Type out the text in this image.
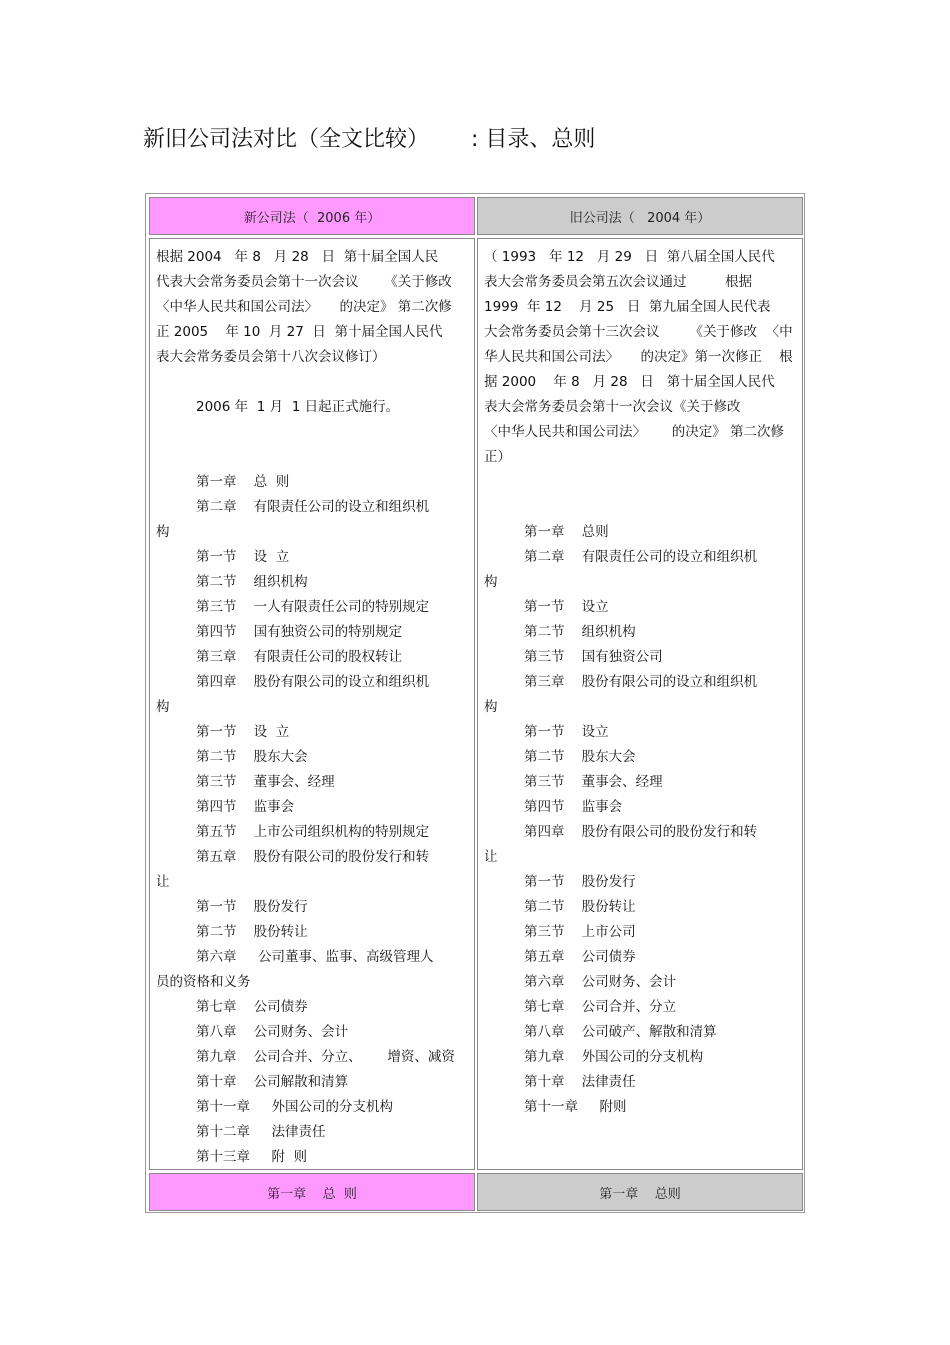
新旧公司法对比（全文比较）      : 目录、总则
新公司法（  2006 年）	旧公司法（   2004 年）
根据 2004   年 8   月 28   日  第十届全国人民
代表大会常务委员会第十一次会议      《关于修改
〈中华人民共和国公司法〉     的决定》 第二次修
正 2005    年 10  月 27  日  第十届全国人民代
表大会常务委员会第十八次会议修订）
2006 年  1 月  1 日起正式施行。
第一章    总  则
第二章    有限责任公司的设立和组织机
构
第一节    设  立
第二节    组织机构
第三节    一人有限责任公司的特别规定
第四节    国有独资公司的特别规定
第三章    有限责任公司的股权转让
第四章    股份有限公司的设立和组织机
构
第一节    设  立
第二节    股东大会
第三节    董事会、经理
第四节    监事会
第五节    上市公司组织机构的特别规定
第五章    股份有限公司的股份发行和转
让
第一节    股份发行
第二节    股份转让
第六章     公司董事、监事、高级管理人
员的资格和义务
第七章    公司债券
第八章    公司财务、会计
第九章    公司合并、分立、      增资、减资
第十章    公司解散和清算
第十一章     外国公司的分支机构
第十二章     法律责任
第十三章     附  则
（ 1993   年 12   月 29   日  第八届全国人民代
表大会常务委员会第五次会议通过         根据
1999  年 12    月 25   日  第九届全国人民代表
大会常务委员会第十三次会议       《关于修改  〈中
华人民共和国公司法〉     的决定》第一次修正    根
据 2000    年 8   月 28   日   第十届全国人民代
表大会常务委员会第十一次会议《关于修改
〈中华人民共和国公司法〉      的决定》 第二次修
正）
第一章    总则
第二章    有限责任公司的设立和组织机
构
第一节    设立
第二节    组织机构
第三节    国有独资公司
第三章    股份有限公司的设立和组织机
构
第一节    设立
第二节    股东大会
第三节    董事会、经理
第四节    监事会
第四章    股份有限公司的股份发行和转
让
第一节    股份发行
第二节    股份转让
第三节    上市公司
第五章    公司债券
第六章    公司财务、会计
第七章    公司合并、分立
第八章    公司破产、解散和清算
第九章    外国公司的分支机构
第十章    法律责任
第十一章     附则
第一章    总  则	第一章    总则
